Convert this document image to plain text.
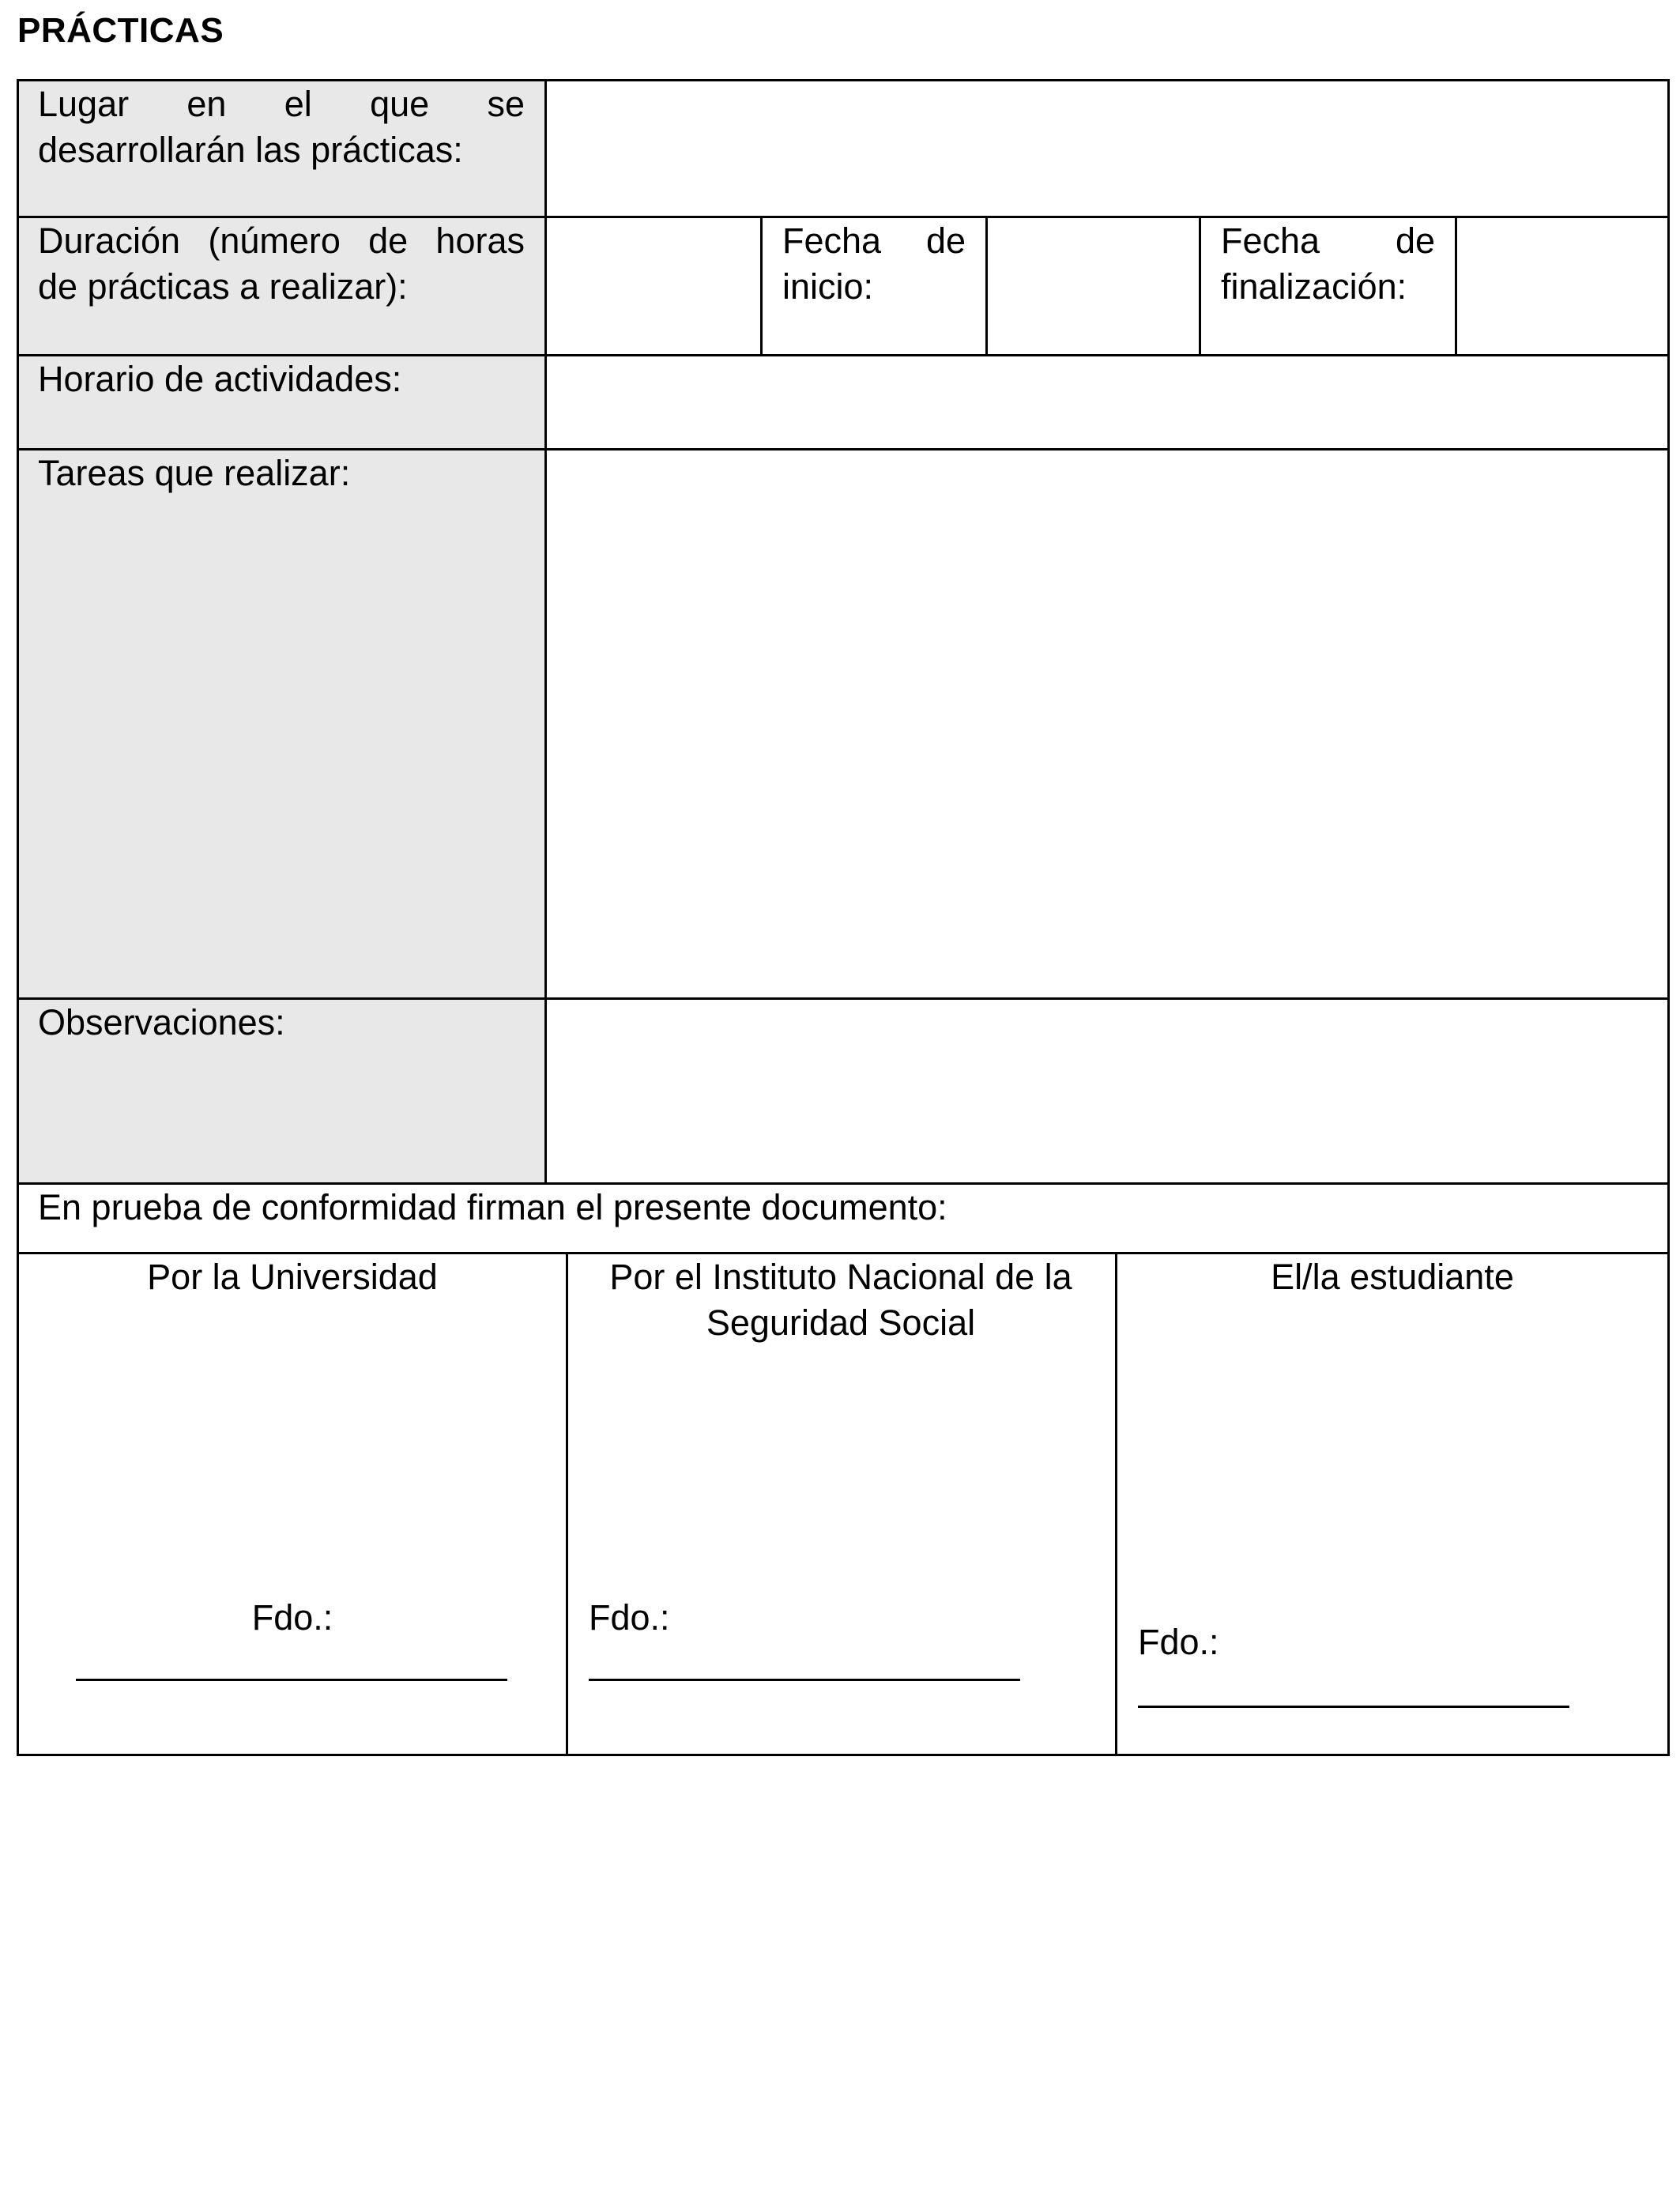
PRÁCTICAS
Lugar en el que se
desarrollarán las prácticas:
Duración (número de horas
de prácticas a realizar):
Fecha de
inicio:
Fecha de
finalización:
Horario de actividades:
Tareas que realizar:
Observaciones:
En prueba de conformidad firman el presente documento:
Por la Universidad
Fdo.:
Por el Instituto Nacional de la Seguridad Social
Fdo.:
El/la estudiante
Fdo.:
